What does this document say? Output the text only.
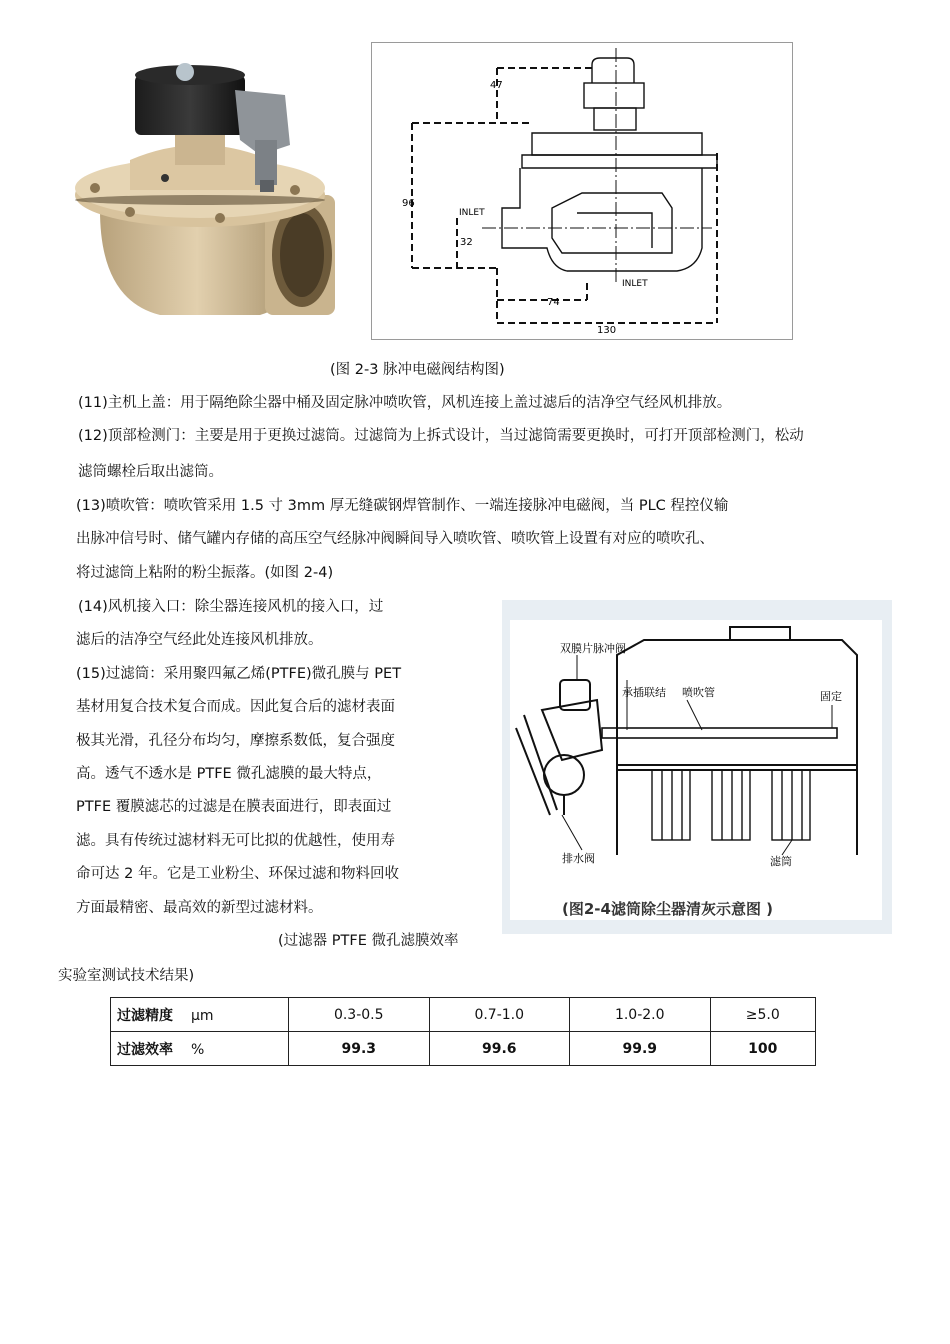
47
96
INLET
32
INLET
74
130
(图 2-3 脉冲电磁阀结构图)
(11)主机上盖：用于隔绝除尘器中桶及固定脉冲喷吹管，风机连接上盖过滤后的洁净空气经风机排放。
(12)顶部检测门：主要是用于更换过滤筒。过滤筒为上拆式设计，当过滤筒需要更换时，可打开顶部检测门，松动
滤筒螺栓后取出滤筒。
(13)喷吹管：喷吹管采用 1.5 寸 3mm 厚无缝碳钢焊管制作、一端连接脉冲电磁阀，当 PLC 程控仪输
出脉冲信号时、储气罐内存储的高压空气经脉冲阀瞬间导入喷吹管、喷吹管上设置有对应的喷吹孔、
将过滤筒上粘附的粉尘振落。(如图 2-4)
(14)风机接入口：除尘器连接风机的接入口，过
滤后的洁净空气经此处连接风机排放。
(15)过滤筒：采用聚四氟乙烯(PTFE)微孔膜与 PET
基材用复合技术复合而成。因此复合后的滤材表面
极其光滑，孔径分布均匀，摩擦系数低，复合强度
高。透气不透水是 PTFE 微孔滤膜的最大特点，
PTFE 覆膜滤芯的过滤是在膜表面进行，即表面过
滤。具有传统过滤材料无可比拟的优越性，使用寿
命可达 2 年。它是工业粉尘、环保过滤和物料回收
方面最精密、最高效的新型过滤材料。
双膜片脉冲阀
承插联结 喷吹管	固定
排水阀	滤筒
(图2-4滤筒除尘器清灰示意图 )
(过滤器 PTFE 微孔滤膜效率
实验室测试技术结果)
过滤精度 μm	0.3-0.5	0.7-1.0	1.0-2.0	≥5.0
过滤效率 %	99.3	99.6	99.9	100
